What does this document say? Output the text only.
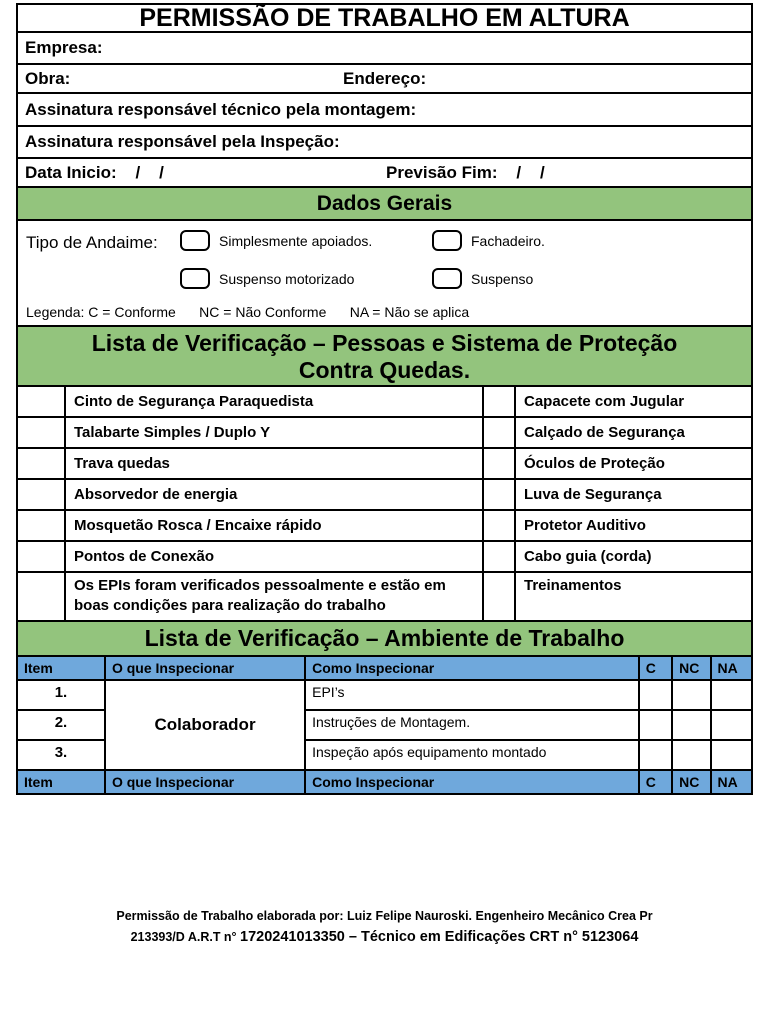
PERMISSÃO DE TRABALHO EM ALTURA
Empresa:
Obra:	Endereço:
Assinatura responsável técnico pela montagem:
Assinatura responsável pela Inspeção:
Data Inicio:    /    /	Previsão Fim:    /    /
Dados Gerais
Tipo de Andaime:	Simplesmente apoiados.	Fachadeiro.
Suspenso motorizado	Suspenso
Legenda: C = Conforme      NC = Não Conforme      NA = Não se aplica
Lista de Verificação – Pessoas e Sistema de Proteção
Contra Quedas.
	Cinto de Segurança Paraquedista		Capacete com Jugular
	Talabarte Simples / Duplo Y		Calçado de Segurança
	Trava quedas		Óculos de Proteção
	Absorvedor de energia		Luva de Segurança
	Mosquetão Rosca / Encaixe rápido		Protetor Auditivo
	Pontos de Conexão		Cabo guia (corda)
	Os EPIs foram verificados pessoalmente e estão em boas condições para realização do trabalho		Treinamentos
Lista de Verificação – Ambiente de Trabalho
Item	O que Inspecionar	Como Inspecionar	C	NC	NA
1.	Colaborador	EPI’s			
2.		Instruções de Montagem.			
3.		Inspeção após equipamento montado			
Item	O que Inspecionar	Como Inspecionar	C	NC	NA
Permissão de Trabalho elaborada por: Luiz Felipe Nauroski. Engenheiro Mecânico Crea Pr
213393/D A.R.T n° 1720241013350 – Técnico em Edificações CRT n° 5123064
